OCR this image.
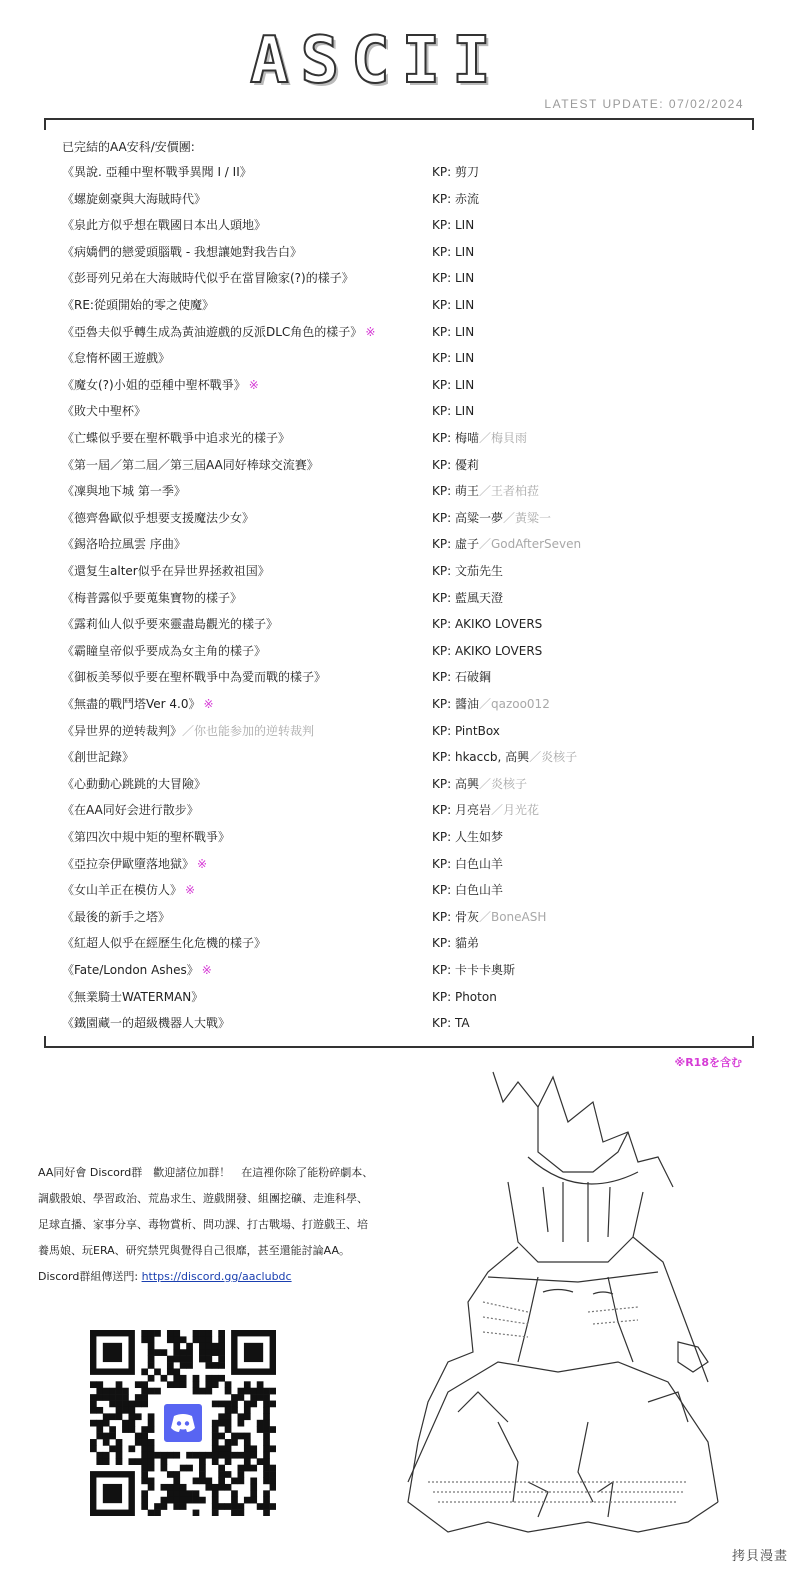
ASCII
LATEST UPDATE: 07/02/2024
已完結的AA安科/安價團:
《異說. 亞種中聖杯戰爭異聞 I / II》	KP: 剪刀
《螺旋劍豪與大海賊時代》	KP: 赤流
《泉此方似乎想在戰國日本出人頭地》	KP: LIN
《病嬌們的戀愛頭腦戰 - 我想讓她對我告白》	KP: LIN
《彭哥列兄弟在大海賊時代似乎在當冒險家(?)的樣子》	KP: LIN
《RE:從頭開始的零之使魔》	KP: LIN
《亞魯夫似乎轉生成為黃油遊戲的反派DLC角色的樣子》 ※	KP: LIN
《怠惰杯國王遊戲》	KP: LIN
《魔女(?)小姐的亞種中聖杯戰爭》 ※	KP: LIN
《敗犬中聖杯》	KP: LIN
《亡蝶似乎要在聖杯戰爭中追求光的樣子》	KP: 梅喵／梅貝雨
《第一屆／第二屆／第三屆AA同好棒球交流賽》	KP: 優莉
《凜與地下城 第一季》	KP: 萌王／王者柏菈
《德齊魯歐似乎想要支援魔法少女》	KP: 高粱一夢／黃粱一
《錫洛哈拉風雲 序曲》	KP: 虛子／GodAfterSeven
《還复生alter似乎在异世界拯救祖国》	KP: 文茄先生
《梅普露似乎要蒐集寶物的樣子》	KP: 藍風天澄
《露莉仙人似乎要來靈盡島觀光的樣子》	KP: AKIKO LOVERS
《霸瞳皇帝似乎要成為女主角的樣子》	KP: AKIKO LOVERS
《御板美琴似乎要在聖杯戰爭中為愛而戰的樣子》	KP: 石破鋼
《無盡的戰鬥塔Ver 4.0》 ※	KP: 醬油／qazoo012
《异世界的逆转裁判》／你也能参加的逆转裁判	KP: PintBox
《創世記錄》	KP: hkaccb, 高興／炎核子
《心動動心跳跳的大冒險》	KP: 高興／炎核子
《在AA同好会进行散步》	KP: 月亮岩／月光花
《第四次中規中矩的聖杯戰爭》	KP: 人生如梦
《亞拉奈伊歐墮落地獄》 ※	KP: 白色山羊
《女山羊正在模仿人》 ※	KP: 白色山羊
《最後的新手之塔》	KP: 骨灰／BoneASH
《紅超人似乎在經歷生化危機的樣子》	KP: 貓弟
《Fate/London Ashes》 ※	KP: 卡卡卡奧斯
《無業騎士WATERMAN》	KP: Photon
《鐵園藏一的超級機器人大戰》	KP: TA
※R18を含む

AA同好會 Discord群　歡迎諸位加群！　在這裡你除了能粉碎劇本、調戲骰娘、學習政治、荒島求生、遊戲開發、組團挖礦、走進科學、足球直播、家事分享、毒物賞析、問功課、打古戰場、打遊戲王、培養馬娘、玩ERA、研究禁咒與覺得自己很靡，甚至還能討論AA。

Discord群組傳送門: https://discord.gg/aaclubdc

拷貝漫畫
